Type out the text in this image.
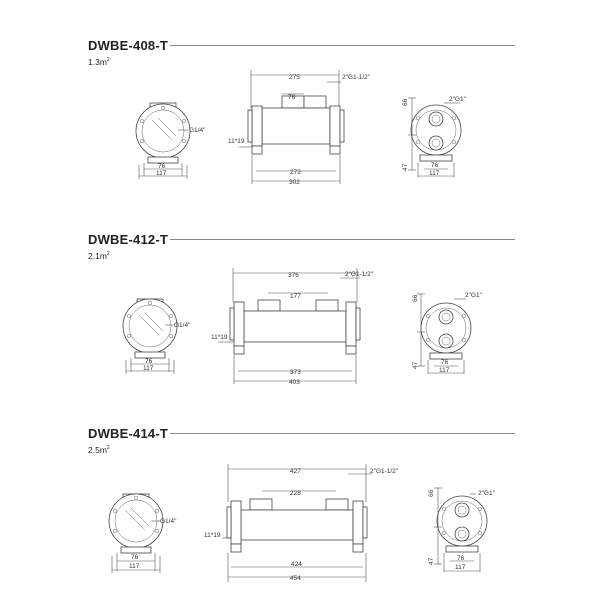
DWBE-408-T
$1.3m^2$
G1/4"
76
117
275	2"G1-1/2"
76
11*19
272
302
66
47
2"G1"
76
117
DWBE-412-T
$2.1m^2$
G1/4"
76
117
376	2"G1-1/2"
177
11*19
373
403
66
47
2"G1"
76
117
DWBE-414-T
$2.5m^2$
G1/4"
76
117
427	2"G1-1/2"
228
11*19
424
454
66
47
2"G1"
76
117
